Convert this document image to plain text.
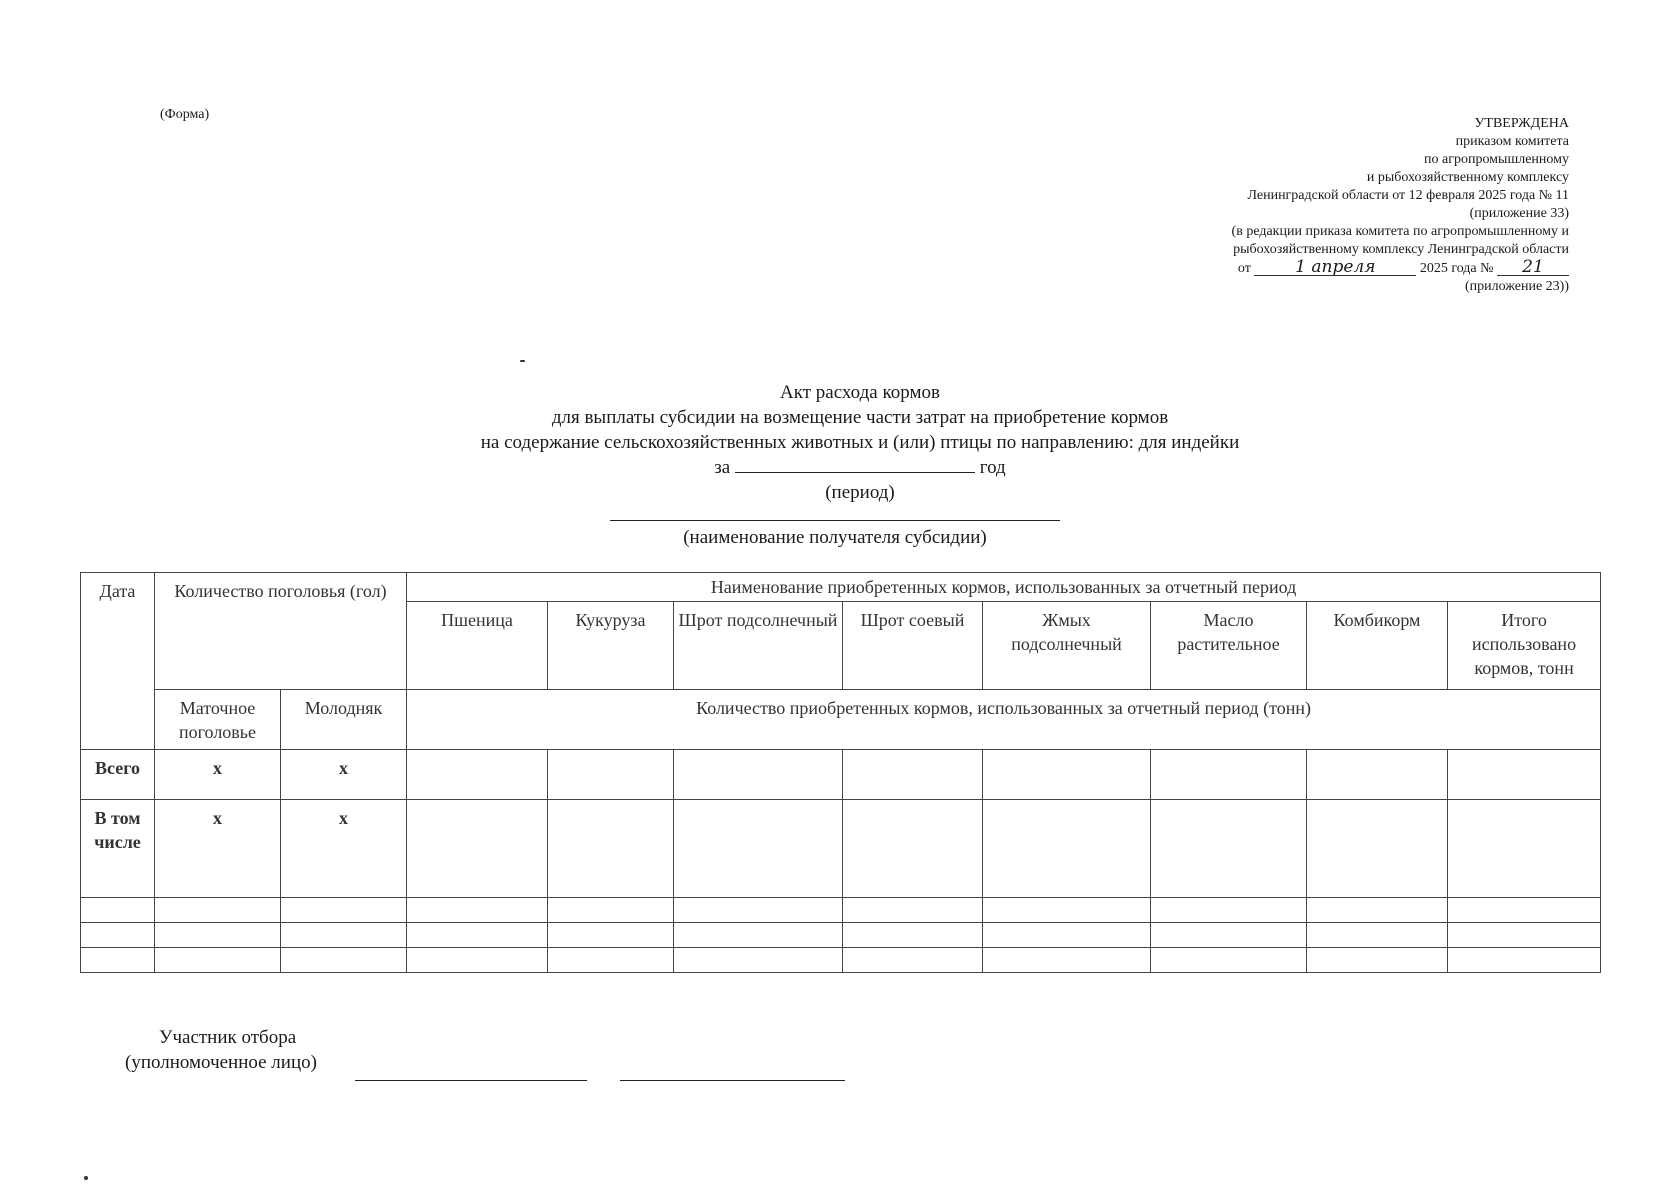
(Форма)
УТВЕРЖДЕНА
приказом комитета
по агропромышленному
и рыбохозяйственному комплексу
Ленинградской области от 12 февраля 2025 года № 11
(приложение 33)
(в редакции приказа комитета по агропромышленному и
рыбохозяйственному комплексу Ленинградской области
от	1 апреля	2025 года № 21
(приложение 23))
Акт расхода кормов
для выплаты субсидии на возмещение части затрат на приобретение кормов
на содержание сельскохозяйственных животных и (или) птицы по направлению: для индейки
за	год
(период)
(наименование получателя субсидии)
Дата	Количество поголовья (гол)		Наименование приобретенных кормов, использованных за отчетный период							
			Пшеница	Кукуруза	Шрот подсолнечный	Шрот соевый	Жмых подсолнечный	Масло растительное	Комбикорм	Итого использовано кормов, тонн
	Маточное поголовье	Молодняк	Количество приобретенных кормов, использованных за отчетный период (тонн)							
Всего	х	х								
В том числе	х	х								

Участник отбора
(уполномоченное лицо)
